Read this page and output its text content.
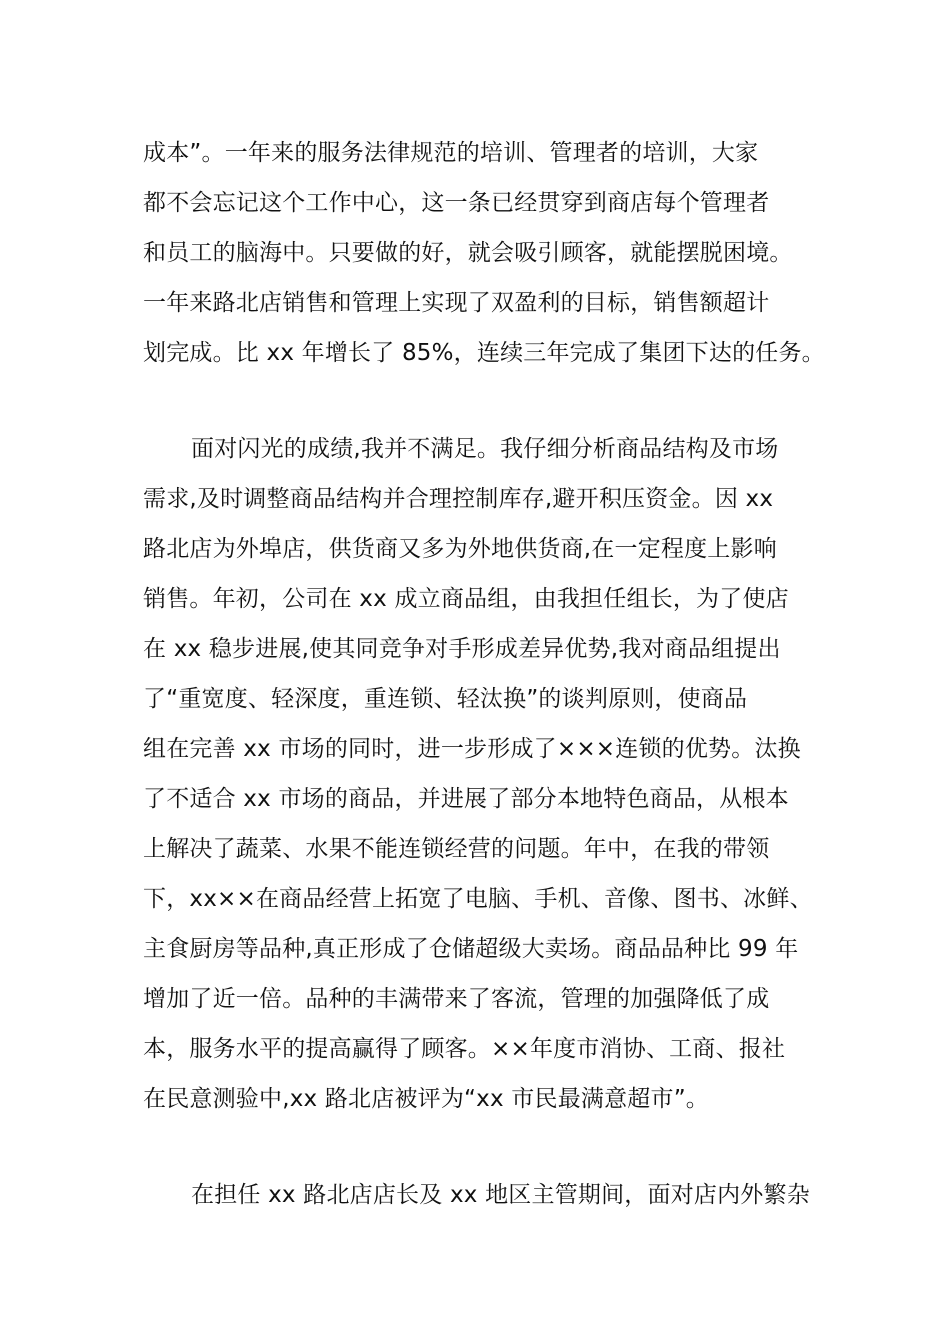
成本”。一年来的服务法律规范的培训、管理者的培训，大家
都不会忘记这个工作中心，这一条已经贯穿到商店每个管理者
和员工的脑海中。只要做的好，就会吸引顾客，就能摆脱困境。
一年来路北店销售和管理上实现了双盈利的目标，销售额超计
划完成。比 xx 年增长了 85%，连续三年完成了集团下达的任务。
面对闪光的成绩,我并不满足。我仔细分析商品结构及市场
需求,及时调整商品结构并合理控制库存,避开积压资金。因 xx
路北店为外埠店，供货商又多为外地供货商,在一定程度上影响
销售。年初，公司在 xx 成立商品组，由我担任组长，为了使店
在 xx 稳步进展,使其同竞争对手形成差异优势,我对商品组提出
了“重宽度、轻深度，重连锁、轻汰换”的谈判原则，使商品
组在完善 xx 市场的同时，进一步形成了×××连锁的优势。汰换
了不适合 xx 市场的商品，并进展了部分本地特色商品，从根本
上解决了蔬菜、水果不能连锁经营的问题。年中，在我的带领
下，xx××在商品经营上拓宽了电脑、手机、音像、图书、冰鲜、
主食厨房等品种,真正形成了仓储超级大卖场。商品品种比 99 年
增加了近一倍。品种的丰满带来了客流，管理的加强降低了成
本，服务水平的提高赢得了顾客。××年度市消协、工商、报社
在民意测验中,xx 路北店被评为“xx 市民最满意超市”。
在担任 xx 路北店店长及 xx 地区主管期间，面对店内外繁杂
